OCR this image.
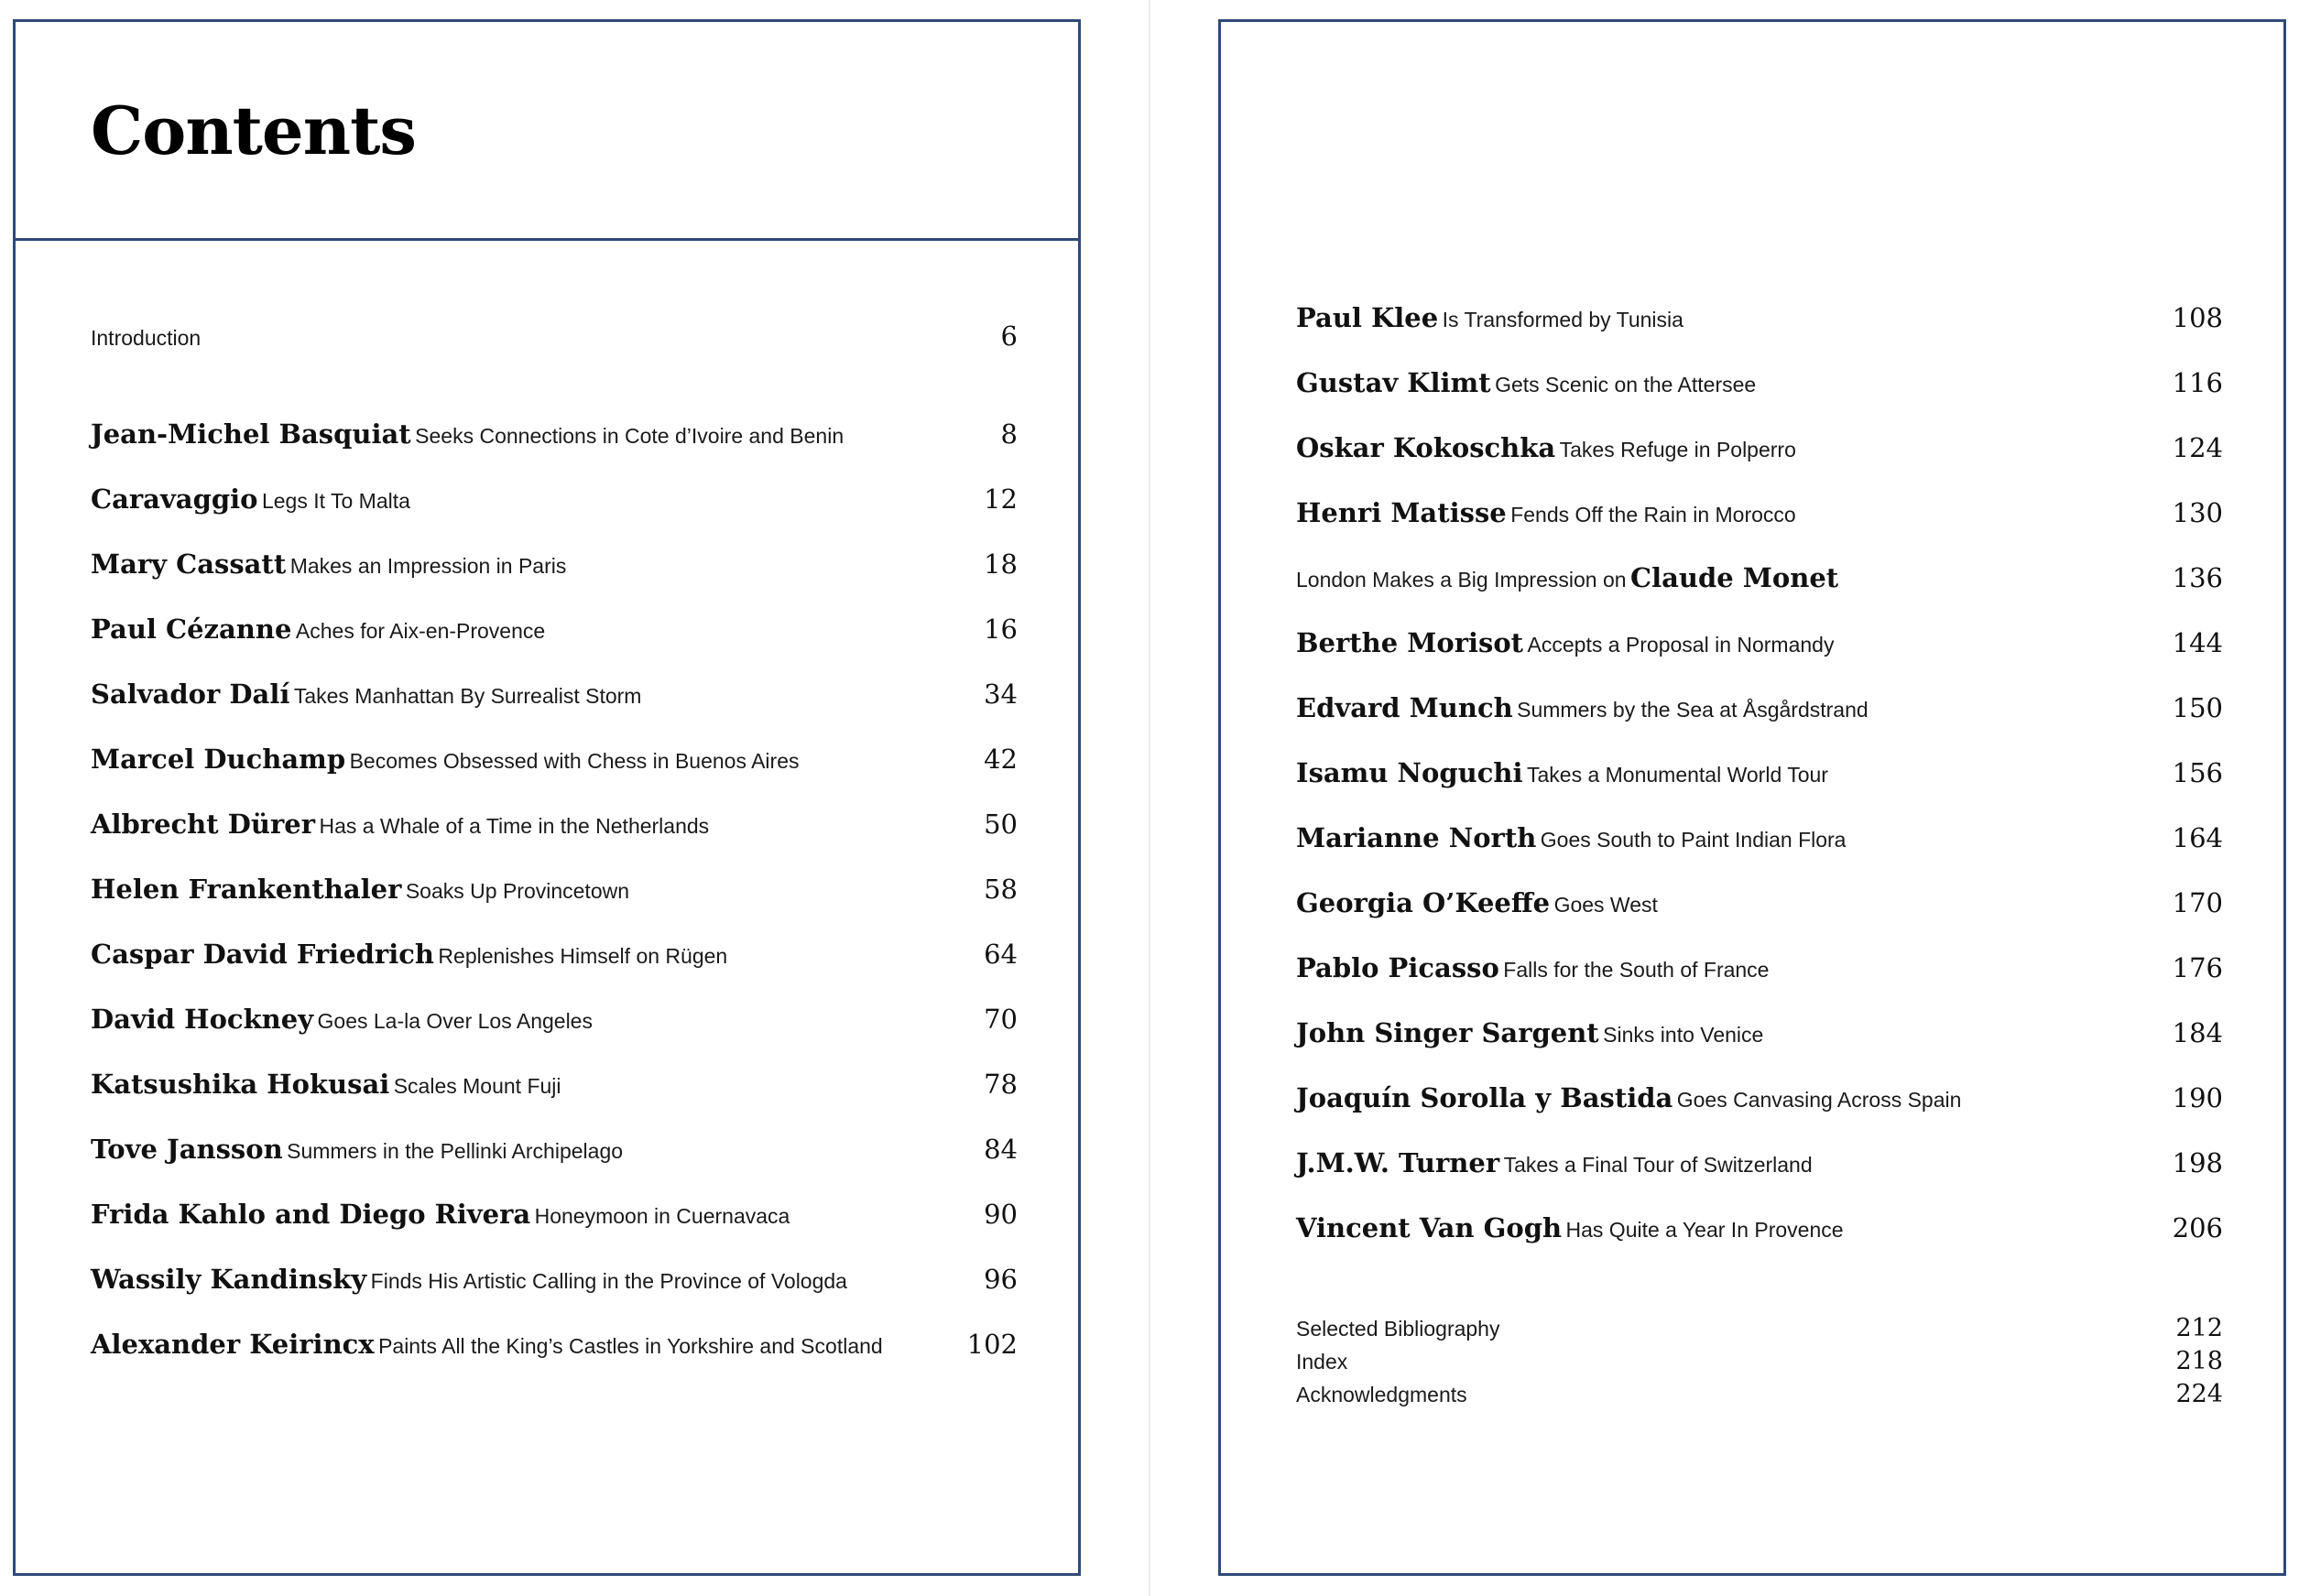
Contents
Introduction	6
Jean-Michel Basquiat Seeks Connections in Cote d’Ivoire and Benin	8
Caravaggio Legs It To Malta	12
Mary Cassatt Makes an Impression in Paris	18
Paul Cézanne Aches for Aix-en-Provence	16
Salvador Dalí Takes Manhattan By Surrealist Storm	34
Marcel Duchamp Becomes Obsessed with Chess in Buenos Aires	42
Albrecht Dürer Has a Whale of a Time in the Netherlands	50
Helen Frankenthaler Soaks Up Provincetown	58
Caspar David Friedrich Replenishes Himself on Rügen	64
David Hockney Goes La-la Over Los Angeles	70
Katsushika Hokusai Scales Mount Fuji	78
Tove Jansson Summers in the Pellinki Archipelago	84
Frida Kahlo and Diego Rivera Honeymoon in Cuernavaca	90
Wassily Kandinsky Finds His Artistic Calling in the Province of Vologda	96
Alexander Keirincx Paints All the King’s Castles in Yorkshire and Scotland	102
Paul Klee Is Transformed by Tunisia	108
Gustav Klimt Gets Scenic on the Attersee	116
Oskar Kokoschka Takes Refuge in Polperro	124
Henri Matisse Fends Off the Rain in Morocco	130
London Makes a Big Impression on Claude Monet	136
Berthe Morisot Accepts a Proposal in Normandy	144
Edvard Munch Summers by the Sea at Åsgårdstrand	150
Isamu Noguchi Takes a Monumental World Tour	156
Marianne North Goes South to Paint Indian Flora	164
Georgia O’Keeffe Goes West	170
Pablo Picasso Falls for the South of France	176
John Singer Sargent Sinks into Venice	184
Joaquín Sorolla y Bastida Goes Canvasing Across Spain	190
J.M.W. Turner Takes a Final Tour of Switzerland	198
Vincent Van Gogh Has Quite a Year In Provence	206
Selected Bibliography	212
Index	218
Acknowledgments	224
